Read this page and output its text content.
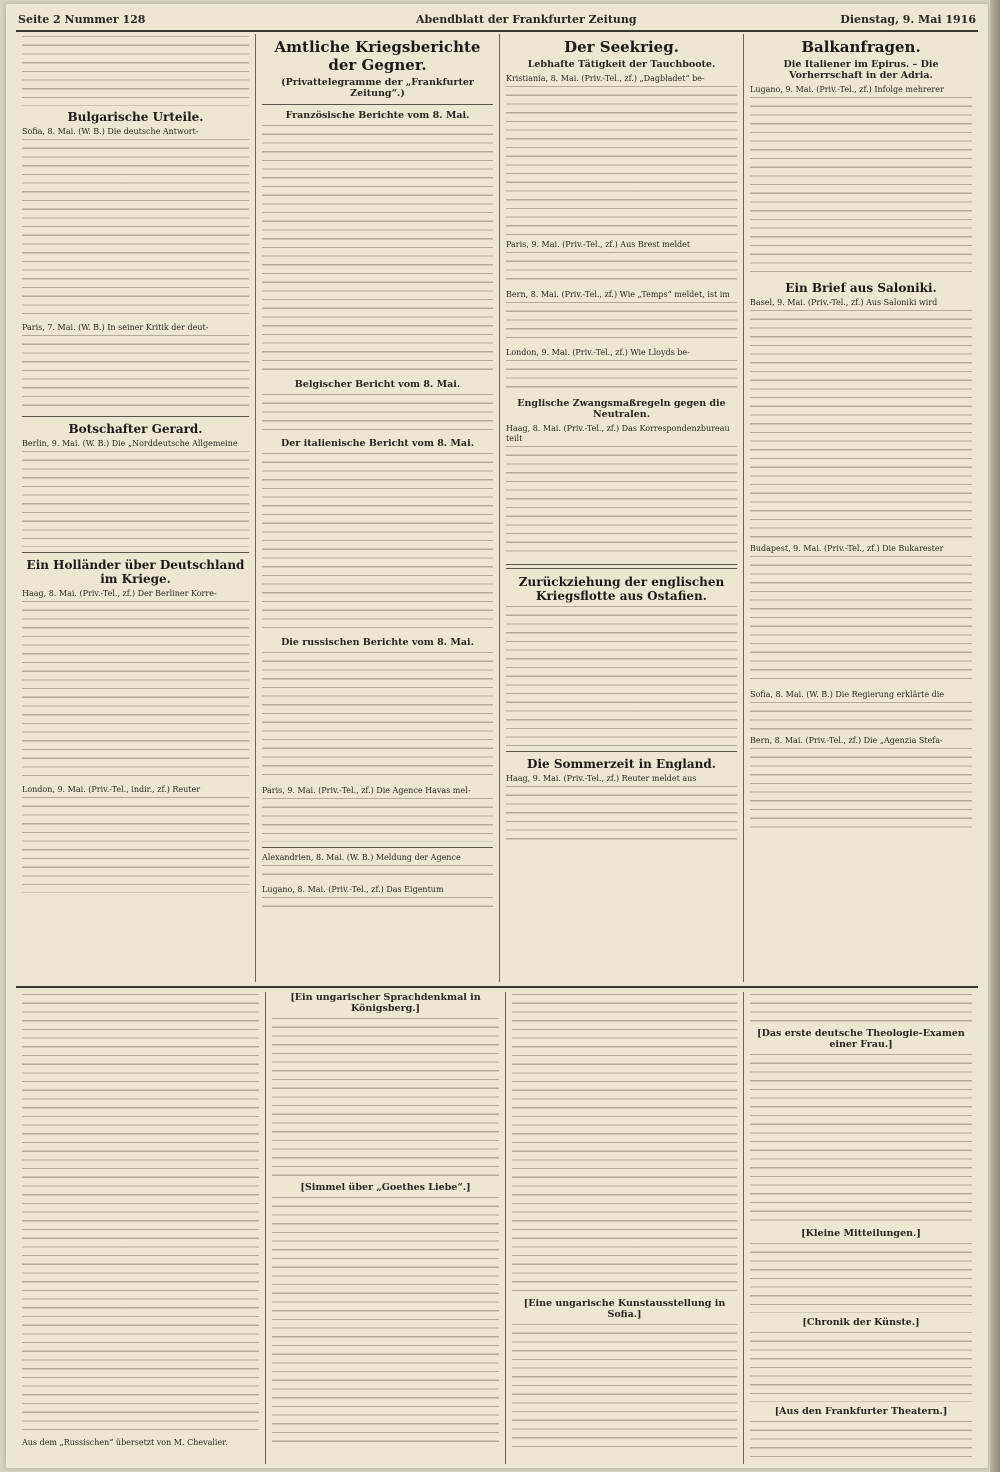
Seite 2 Nummer 128	Abendblatt der Frankfurter Zeitung	Dienstag, 9. Mai 1916
Bulgarische Urteile.
Sofia, 8. Mai. (W. B.) Die deutsche Antwort-
Paris, 7. Mai. (W. B.) In seiner Kritik der deut-
Botschafter Gerard.
Berlin, 9. Mai. (W. B.) Die „Norddeutsche Allgemeine
Ein Holländer über Deutschland im Kriege.
Haag, 8. Mai. (Priv.-Tel., zf.) Der Berliner Korre-
London, 9. Mai. (Priv.-Tel., indir., zf.) Reuter
Amtliche Kriegsberichte der Gegner.
(Privattelegramme der „Frankfurter Zeitung“.)
Französische Berichte vom 8. Mai.
Belgischer Bericht vom 8. Mai.
Der italienische Bericht vom 8. Mai.
Die russischen Berichte vom 8. Mai.
Paris, 9. Mai. (Priv.-Tel., zf.) Die Agence Havas mel-
Alexandrien, 8. Mai. (W. B.) Meldung der Agence
Lugano, 8. Mai. (Priv.-Tel., zf.) Das Eigentum
Der Seekrieg.
Lebhafte Tätigkeit der Tauchboote.
Kristiania, 8. Mai. (Priv.-Tel., zf.) „Dagbladet“ be-
Paris, 9. Mai. (Priv.-Tel., zf.) Aus Brest meldet
Bern, 8. Mai. (Priv.-Tel., zf.) Wie „Temps“ meldet, ist im
London, 9. Mai. (Priv.-Tel., zf.) Wie Lloyds be-
Englische Zwangsmaßregeln gegen die Neutralen.
Haag, 8. Mai. (Priv.-Tel., zf.) Das Korrespondenzbureau teilt
Zurückziehung der englischen Kriegsflotte aus Ostafien.
Die Sommerzeit in England.
Haag, 9. Mai. (Priv.-Tel., zf.) Reuter meldet aus
Balkanfragen.
Die Italiener im Epirus. – Die Vorherrschaft in der Adria.
Lugano, 9. Mai. (Priv.-Tel., zf.) Infolge mehrerer
Ein Brief aus Saloniki.
Basel, 9. Mai. (Priv.-Tel., zf.) Aus Saloniki wird
Budapest, 9. Mai. (Priv.-Tel., zf.) Die Bukarester
Sofia, 8. Mai. (W. B.) Die Regierung erklärte die
Bern, 8. Mai. (Priv.-Tel., zf.) Die „Agenzia Stefa-
Aus dem „Russischen“ übersetzt von M. Chevalier.
[Ein ungarischer Sprachdenkmal in Königsberg.]
[Simmel über „Goethes Liebe“.]
[Eine ungarische Kunstausstellung in Sofia.]
[Das erste deutsche Theologie-Examen einer Frau.]
[Kleine Mitteilungen.]
[Chronik der Künste.]
[Aus den Frankfurter Theatern.]
